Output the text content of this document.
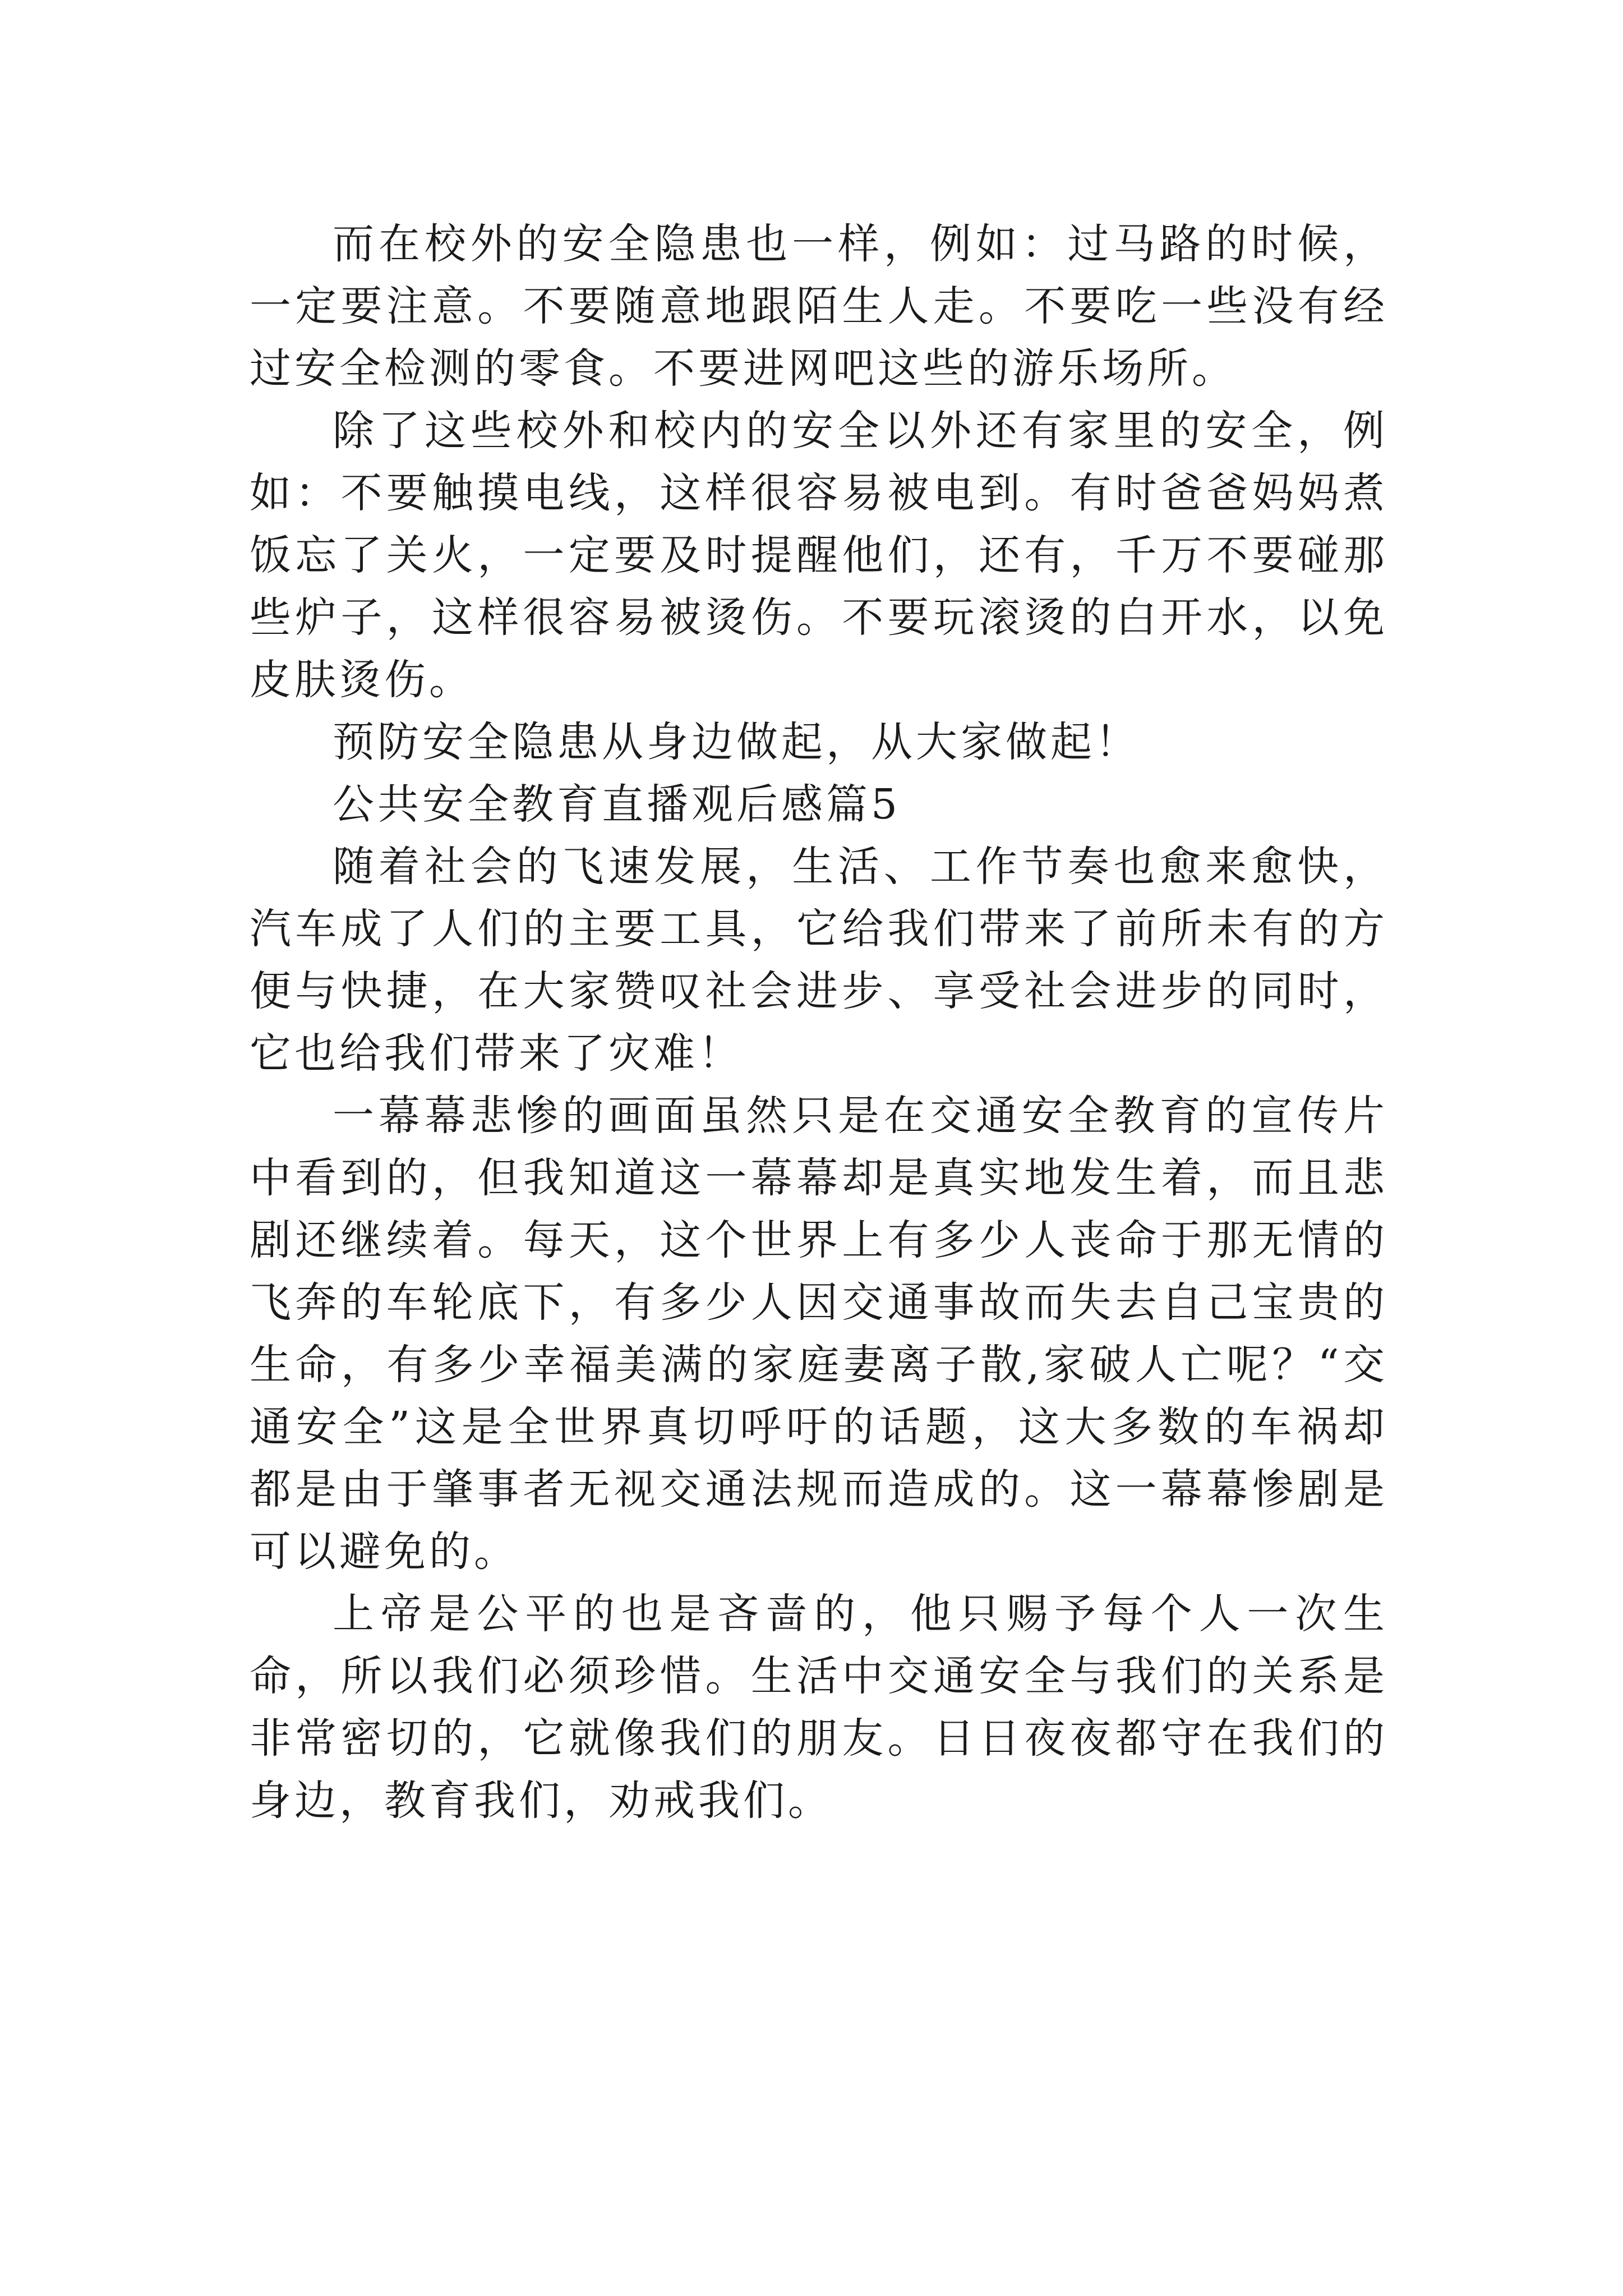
而在校外的安全隐患也一样，例如：过马路的时候，一定要注意。不要随意地跟陌生人走。不要吃一些没有经过安全检测的零食。不要进网吧这些的游乐场所。

除了这些校外和校内的安全以外还有家里的安全，例如：不要触摸电线，这样很容易被电到。有时爸爸妈妈煮饭忘了关火，一定要及时提醒他们，还有，千万不要碰那些炉子，这样很容易被烫伤。不要玩滚烫的白开水，以免皮肤烫伤。

预防安全隐患从身边做起，从大家做起！

公共安全教育直播观后感篇5

随着社会的飞速发展，生活、工作节奏也愈来愈快，汽车成了人们的主要工具，它给我们带来了前所未有的方便与快捷，在大家赞叹社会进步、享受社会进步的同时，它也给我们带来了灾难！

一幕幕悲惨的画面虽然只是在交通安全教育的宣传片中看到的，但我知道这一幕幕却是真实地发生着，而且悲剧还继续着。每天，这个世界上有多少人丧命于那无情的飞奔的车轮底下，有多少人因交通事故而失去自己宝贵的生命，有多少幸福美满的家庭妻离子散,家破人亡呢？“交通安全”这是全世界真切呼吁的话题，这大多数的车祸却都是由于肇事者无视交通法规而造成的。这一幕幕惨剧是可以避免的。

上帝是公平的也是吝啬的，他只赐予每个人一次生命，所以我们必须珍惜。生活中交通安全与我们的关系是非常密切的，它就像我们的朋友。日日夜夜都守在我们的身边，教育我们，劝戒我们。
